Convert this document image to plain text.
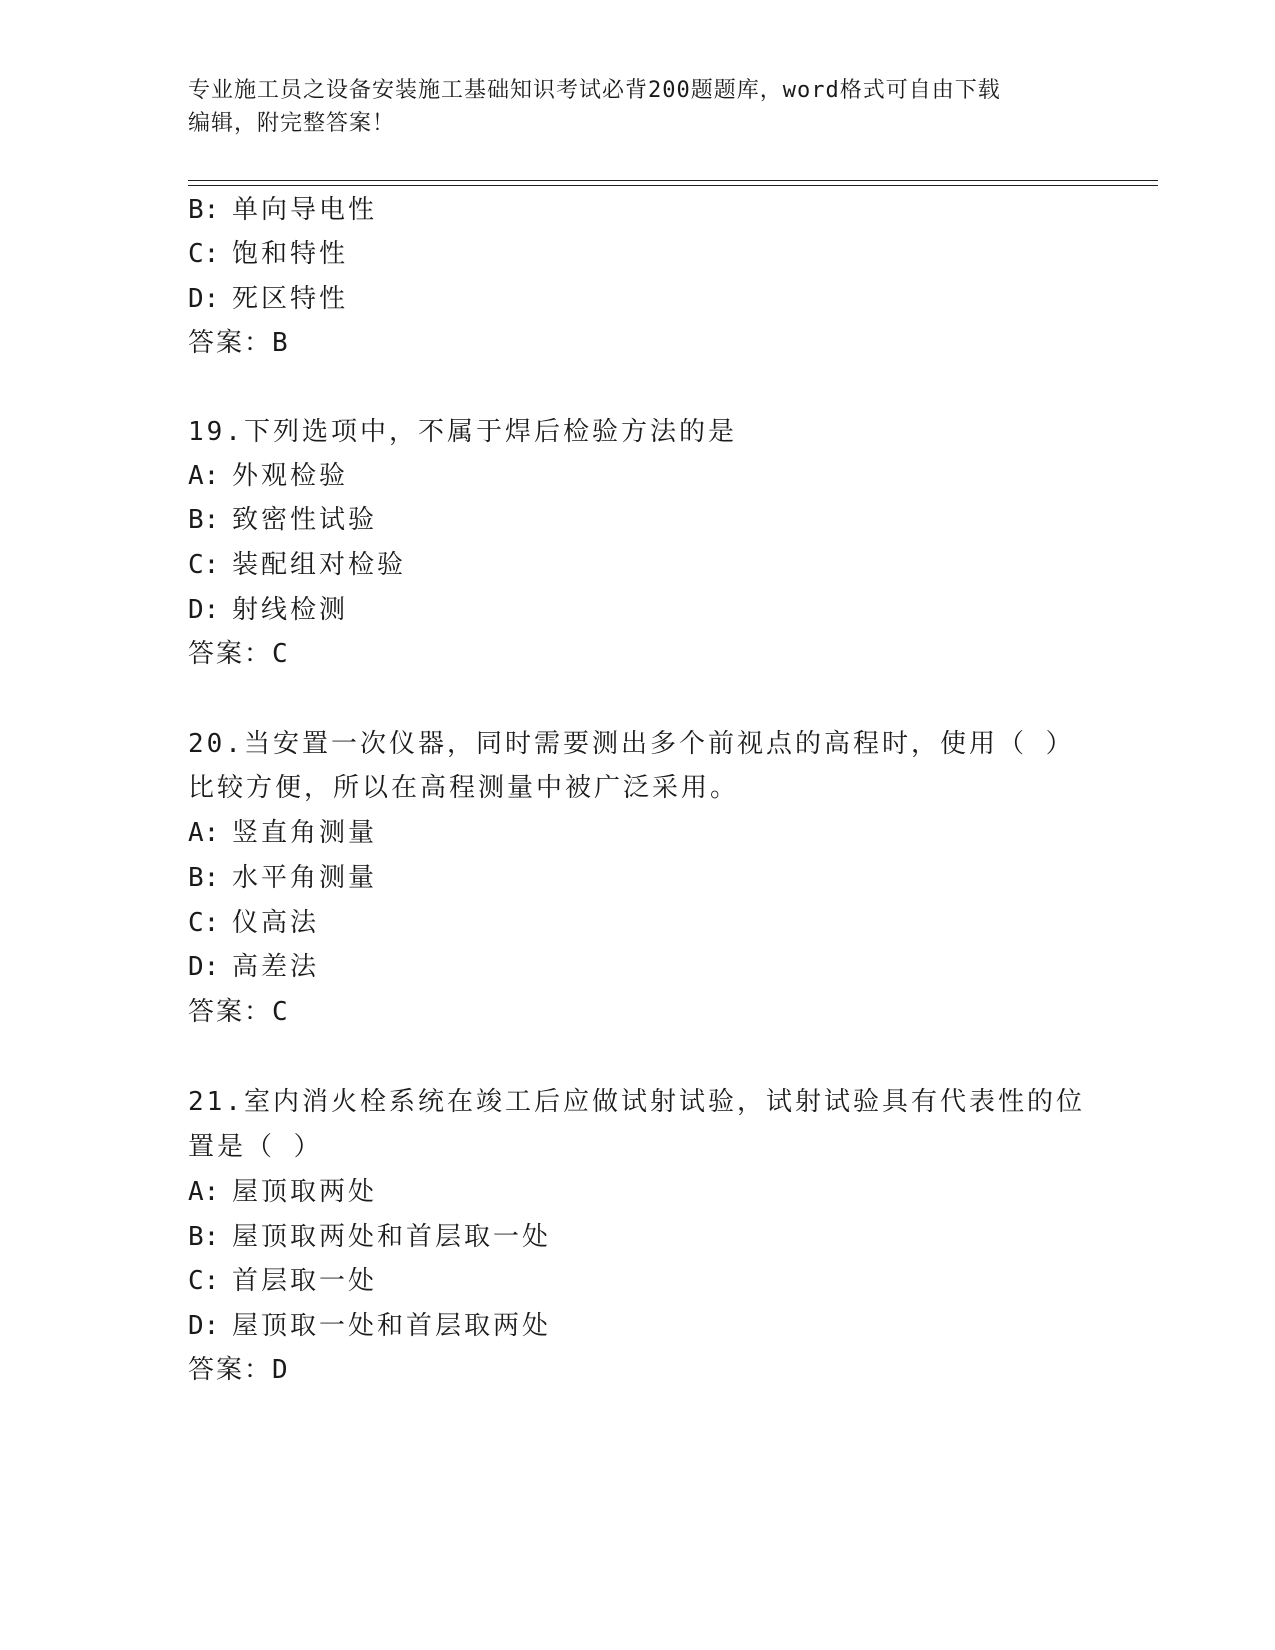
专业施工员之设备安装施工基础知识考试必背200题题库，word格式可自由下载
编辑，附完整答案！
B: 单向导电性
C: 饱和特性
D: 死区特性
答案：B
19.下列选项中，不属于焊后检验方法的是
A: 外观检验
B: 致密性试验
C: 装配组对检验
D: 射线检测
答案：C
20.当安置一次仪器，同时需要测出多个前视点的高程时，使用（ ）
比较方便，所以在高程测量中被广泛采用。
A: 竖直角测量
B: 水平角测量
C: 仪高法
D: 高差法
答案：C
21.室内消火栓系统在竣工后应做试射试验，试射试验具有代表性的位
置是（ ）
A: 屋顶取两处
B: 屋顶取两处和首层取一处
C: 首层取一处
D: 屋顶取一处和首层取两处
答案：D
